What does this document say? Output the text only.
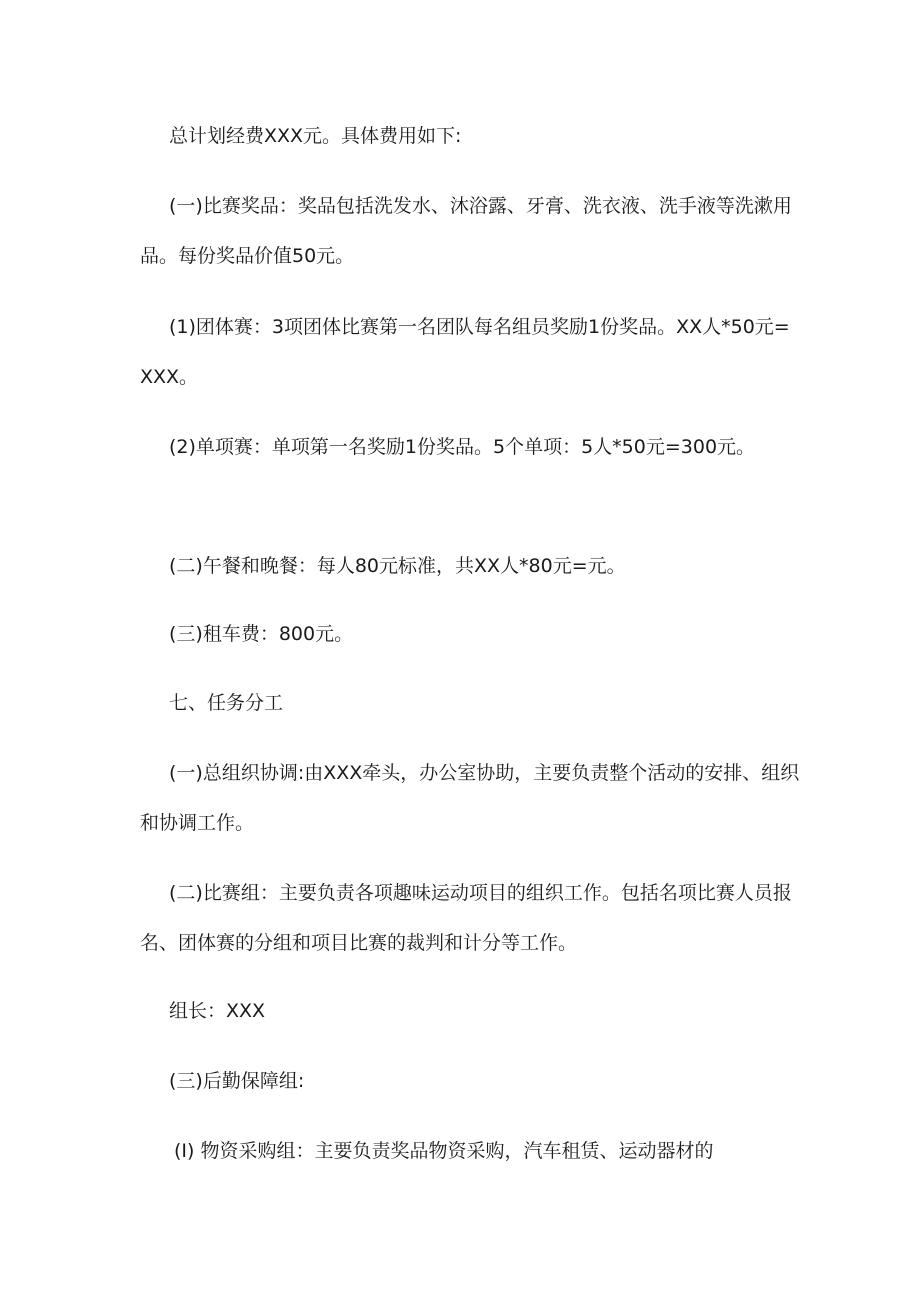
总计划经费XXX元。具体费用如下:

(一)比赛奖品：奖品包括洗发水、沐浴露、牙膏、洗衣液、洗手液等洗漱用品。每份奖品价值50元。

(1)团体赛：3项团体比赛第一名团队每名组员奖励1份奖品。XX人*50元=XXX。

(2)单项赛：单项第一名奖励1份奖品。5个单项：5人*50元=300元。

(二)午餐和晚餐：每人80元标准，共XX人*80元=元。

(三)租车费：800元。

七、任务分工

(一)总组织协调:由XXX牵头，办公室协助，主要负责整个活动的安排、组织和协调工作。

(二)比赛组：主要负责各项趣味运动项目的组织工作。包括名项比赛人员报名、团体赛的分组和项目比赛的裁判和计分等工作。

组长：XXX

(三)后勤保障组:

(I) 物资采购组：主要负责奖品物资采购，汽车租赁、运动器材的
